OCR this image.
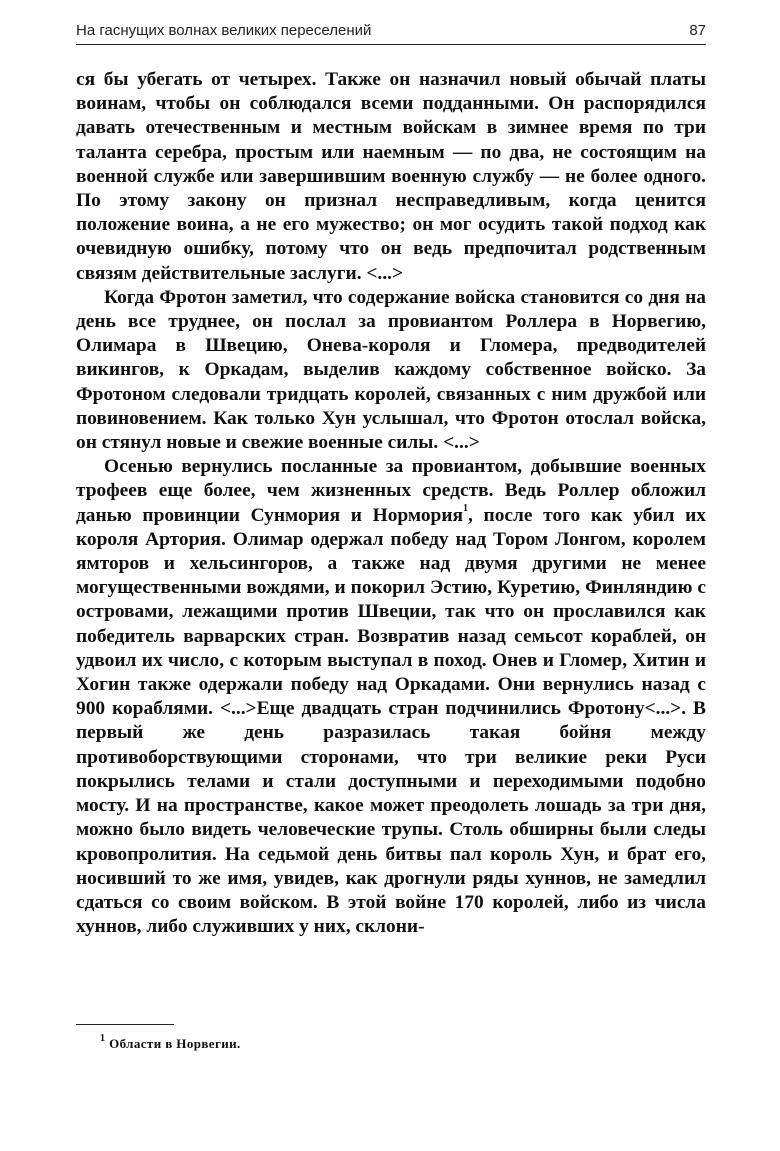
На гаснущих волнах великих переселений	87

ся бы убегать от четырех. Также он назначил новый обычай платы воинам, чтобы он соблюдался всеми подданными. Он распорядился давать отечественным и местным войскам в зимнее время по три таланта серебра, простым или наемным — по два, не состоящим на военной службе или завершившим военную службу — не более одного. По этому закону он признал несправедливым, когда ценится положение воина, а не его мужество; он мог осудить такой подход как очевидную ошибку, потому что он ведь предпочитал родственным связям действительные заслуги. <...>

Когда Фротон заметил, что содержание войска становится со дня на день все труднее, он послал за провиантом Роллера в Норвегию, Олимара в Швецию, Онева-короля и Гломера, предводителей викингов, к Оркадам, выделив каждому собственное войско. За Фротоном следовали тридцать королей, связанных с ним дружбой или повиновением. Как только Хун услышал, что Фротон отослал войска, он стянул новые и свежие военные силы. <...>

Осенью вернулись посланные за провиантом, добывшие военных трофеев еще более, чем жизненных средств. Ведь Роллер обложил данью провинции Сунмория и Нормория$^1$, после того как убил их короля Артория. Олимар одержал победу над Тором Лонгом, королем ямторов и хельсингоров, а также над двумя другими не менее могущественными вождями, и покорил Эстию, Куретию, Финляндию с островами, лежащими против Швеции, так что он прославился как победитель варварских стран. Возвратив назад семьсот кораблей, он удвоил их число, с которым выступал в поход. Онев и Гломер, Хитин и Хогин также одержали победу над Оркадами. Они вернулись назад с 900 кораблями. <...>Еще двадцать стран подчинились Фротону<...>. В первый же день разразилась такая бойня между противоборствующими сторонами, что три великие реки Руси покрылись телами и стали доступными и переходимыми подобно мосту. И на пространстве, какое может преодолеть лошадь за три дня, можно было видеть человеческие трупы. Столь обширны были следы кровопролития. На седьмой день битвы пал король Хун, и брат его, носивший то же имя, увидев, как дрогнули ряды хуннов, не замедлил сдаться со своим войском. В этой войне 170 королей, либо из числа хуннов, либо служивших у них, склони-

$^1$ Области в Норвегии.
